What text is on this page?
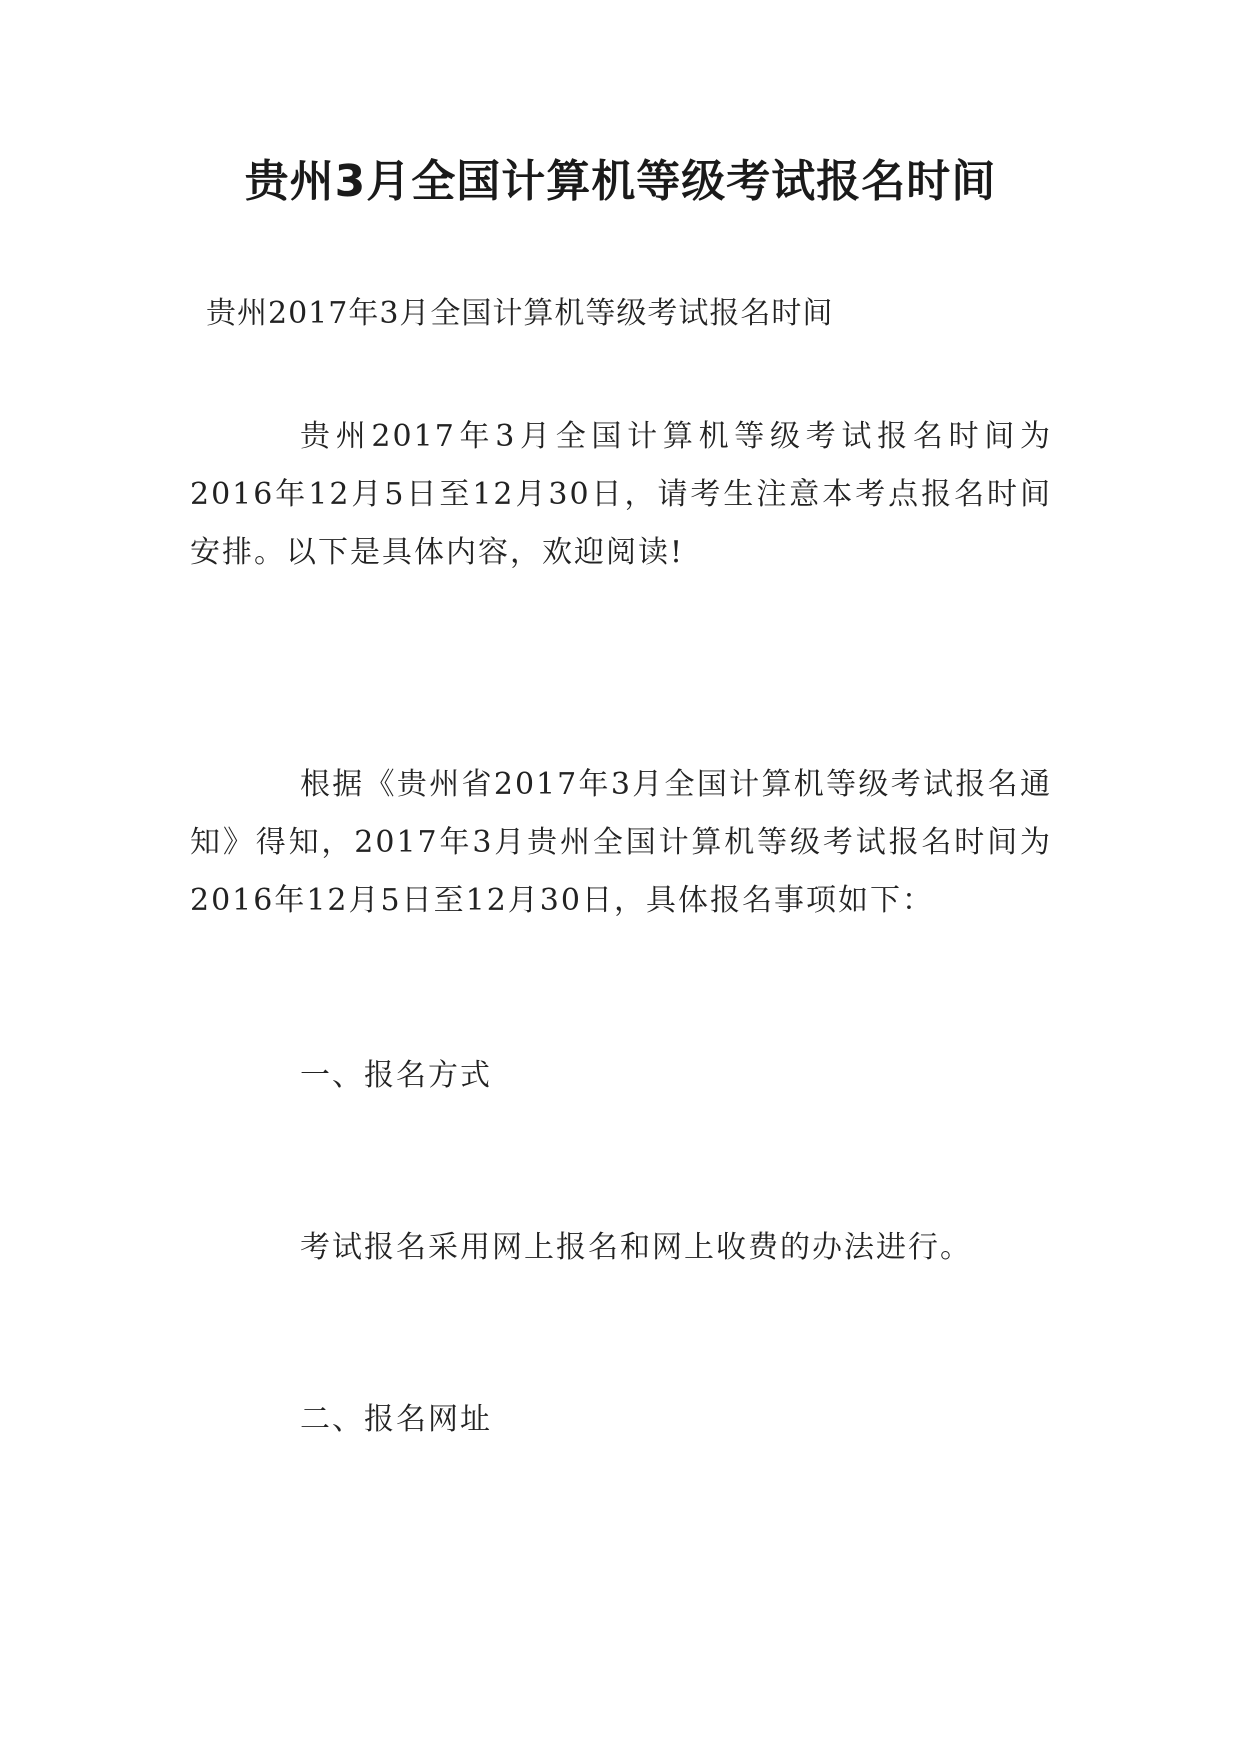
贵州3月全国计算机等级考试报名时间
贵州2017年3月全国计算机等级考试报名时间
贵州2017年3月全国计算机等级考试报名时间为2016年12月5日至12月30日，请考生注意本考点报名时间安排。以下是具体内容，欢迎阅读!
根据《贵州省2017年3月全国计算机等级考试报名通知》得知，2017年3月贵州全国计算机等级考试报名时间为2016年12月5日至12月30日，具体报名事项如下：
一、报名方式
考试报名采用网上报名和网上收费的办法进行。
二、报名网址
